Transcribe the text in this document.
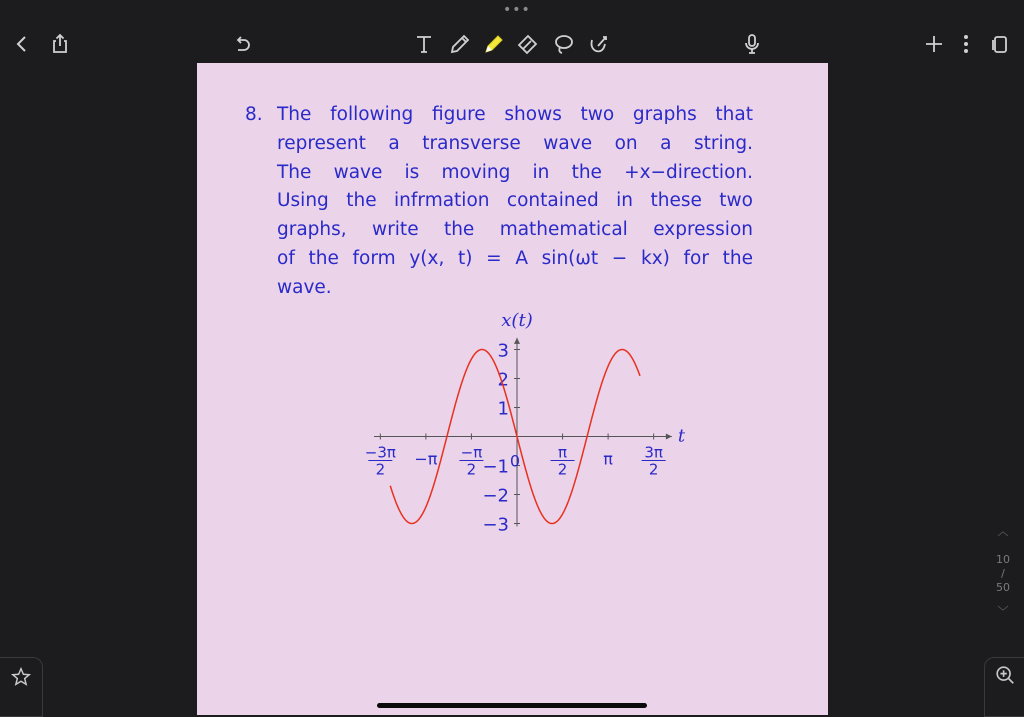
•••
8. The following figure shows two graphs that
represent a transverse wave on a string.
The wave is moving in the +x−direction.
Using the infrmation contained in these two
graphs, write the mathematical expression
of the form y(x, t) = A sin(ωt − kx) for the
wave.
t
x(t)
−3π
2
−π −π
2
π
2
π 3π
2
3
2
1
−1
−2
−3
0
︿
10
/
50
﹀
